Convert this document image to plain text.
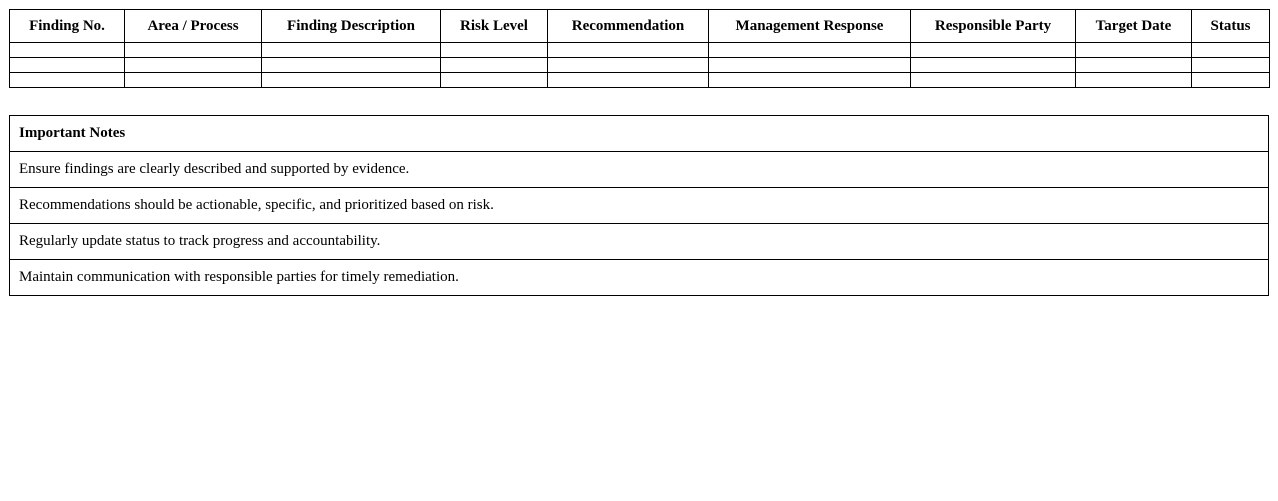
Finding No.	Area / Process	Finding Description	Risk Level	Recommendation	Management Response	Responsible Party	Target Date	Status

Important Notes
Ensure findings are clearly described and supported by evidence.
Recommendations should be actionable, specific, and prioritized based on risk.
Regularly update status to track progress and accountability.
Maintain communication with responsible parties for timely remediation.
